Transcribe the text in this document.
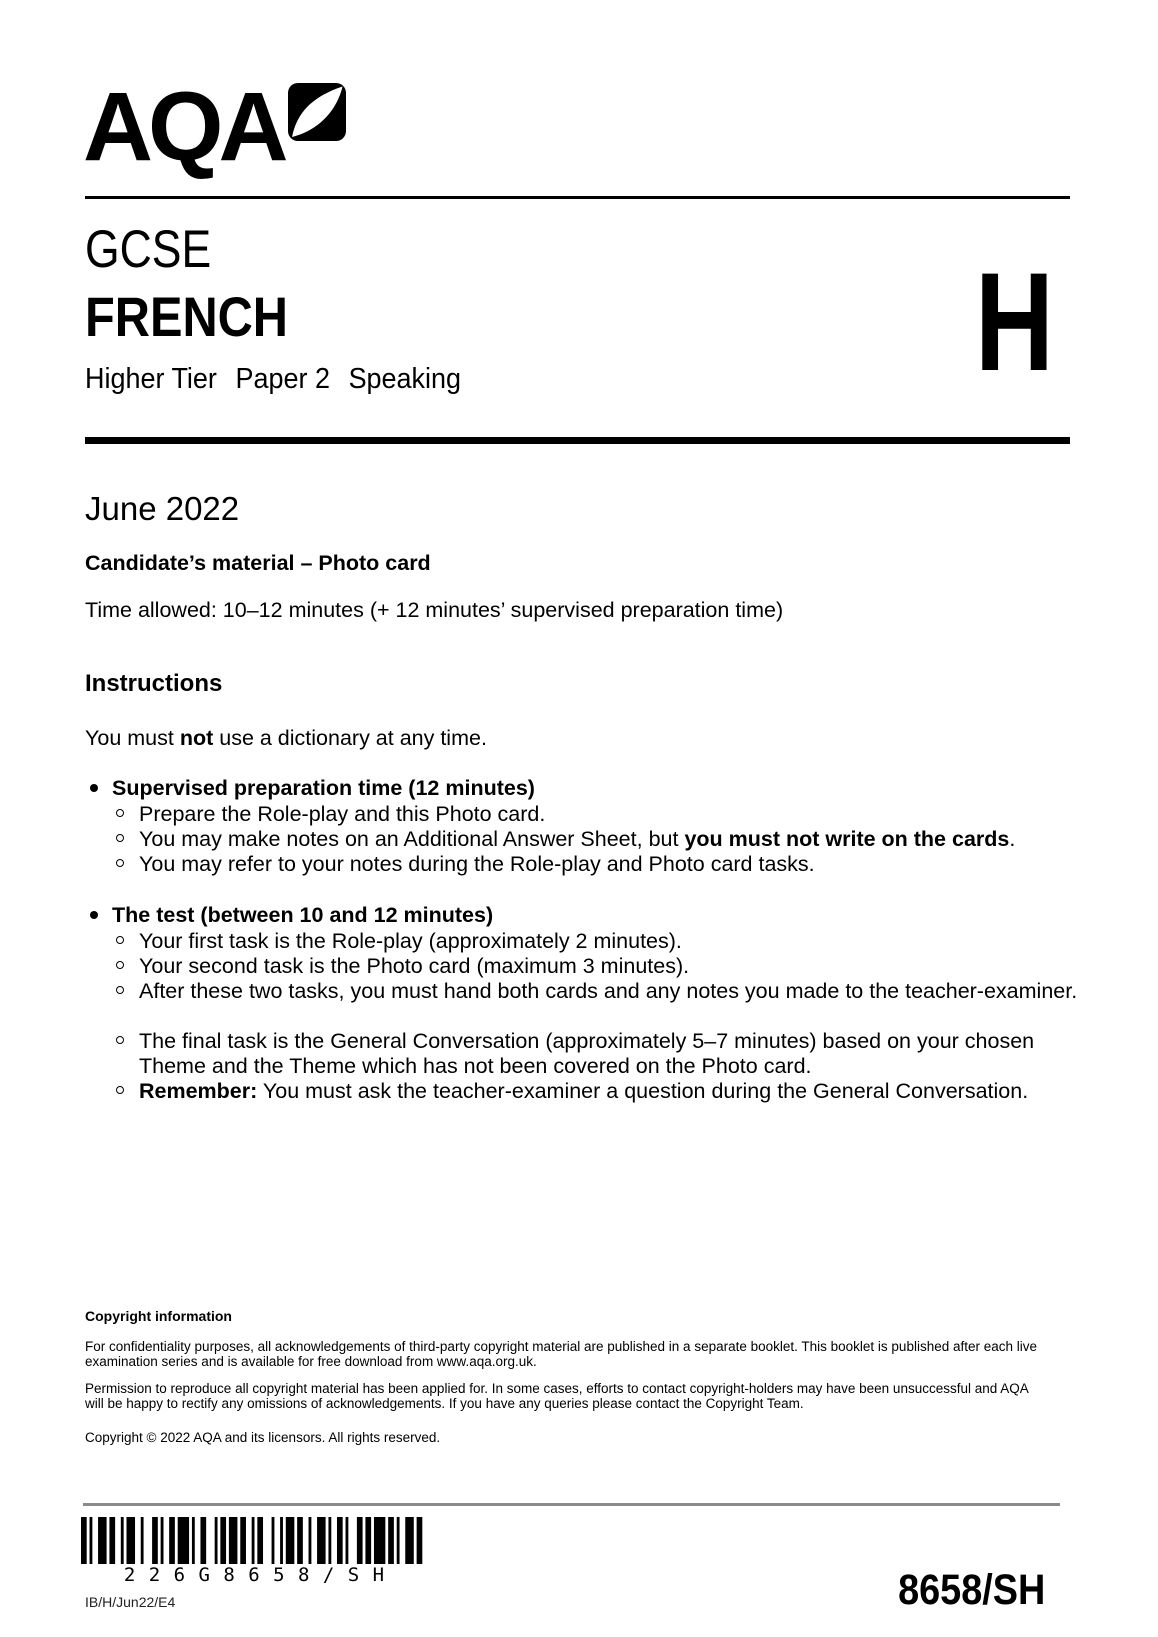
AQA
GCSE
FRENCH
Higher Tier Paper 2 Speaking	H
June 2022
Candidate’s material – Photo card
Time allowed: 10–12 minutes (+ 12 minutes’ supervised preparation time)
Instructions
You must not use a dictionary at any time.
Supervised preparation time (12 minutes)
Prepare the Role-play and this Photo card.
You may make notes on an Additional Answer Sheet, but you must not write on the cards.
You may refer to your notes during the Role-play and Photo card tasks.
The test (between 10 and 12 minutes)
Your first task is the Role-play (approximately 2 minutes).
Your second task is the Photo card (maximum 3 minutes).
After these two tasks, you must hand both cards and any notes you made to the teacher-examiner.
The final task is the General Conversation (approximately 5–7 minutes) based on your chosen Theme and the Theme which has not been covered on the Photo card.
Remember: You must ask the teacher-examiner a question during the General Conversation.
Copyright information
For confidentiality purposes, all acknowledgements of third-party copyright material are published in a separate booklet. This booklet is published after each live examination series and is available for free download from www.aqa.org.uk.
Permission to reproduce all copyright material has been applied for. In some cases, efforts to contact copyright-holders may have been unsuccessful and AQA will be happy to rectify any omissions of acknowledgements. If you have any queries please contact the Copyright Team.
Copyright © 2022 AQA and its licensors. All rights reserved.
2 2 6 G 8 6 5 8 / S H
IB/H/Jun22/E4	8658/SH
